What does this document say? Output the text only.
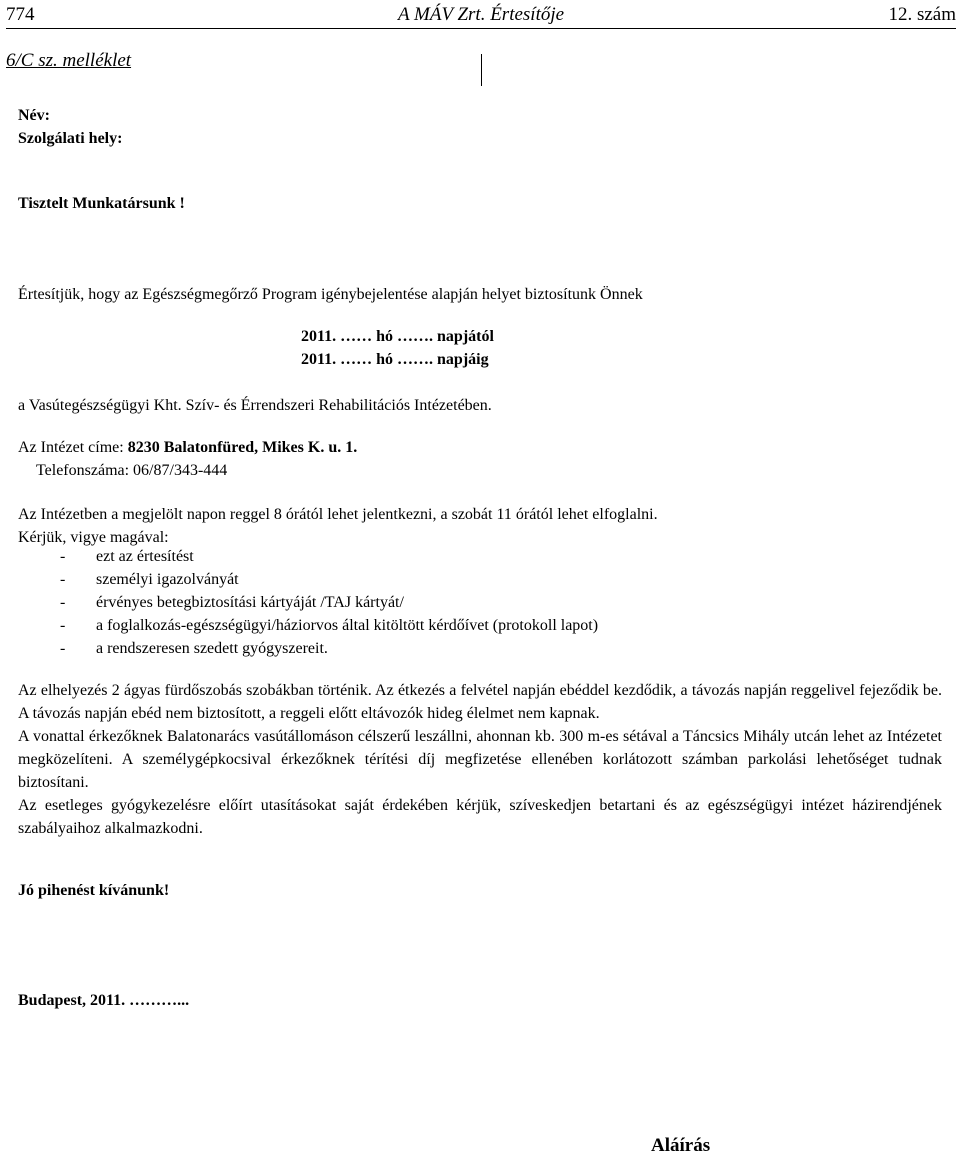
774	A MÁV Zrt. Értesítője	12. szám
6/C sz. melléklet
Név:
Szolgálati hely:
Tisztelt Munkatársunk !
Értesítjük, hogy az Egészségmegőrző Program igénybejelentése alapján helyet biztosítunk Önnek
2011. …… hó ……. napjától
2011. …… hó ……. napjáig
a Vasútegészségügyi Kht. Szív- és Érrendszeri Rehabilitációs Intézetében.
Az Intézet címe: 8230 Balatonfüred, Mikes K. u. 1.
Telefonszáma: 06/87/343-444
Az Intézetben a megjelölt napon reggel 8 órától lehet jelentkezni, a szobát 11 órától lehet elfoglalni.
Kérjük, vigye magával:
- ezt az értesítést
- személyi igazolványát
- érvényes betegbiztosítási kártyáját /TAJ kártyát/
- a foglalkozás-egészségügyi/háziorvos által kitöltött kérdőívet (protokoll lapot)
- a rendszeresen szedett gyógyszereit.

Az elhelyezés 2 ágyas fürdőszobás szobákban történik. Az étkezés a felvétel napján ebéddel kezdődik, a távozás napján reggelivel fejeződik be. A távozás napján ebéd nem biztosított, a reggeli előtt eltávozók hideg élelmet nem kapnak.

A vonattal érkezőknek Balatonarács vasútállomáson célszerű leszállni, ahonnan kb. 300 m-es sétával a Táncsics Mihály utcán lehet az Intézetet megközelíteni. A személygépkocsival érkezőknek térítési díj megfizetése ellenében korlátozott számban parkolási lehetőséget tudnak biztosítani.

Az esetleges gyógykezelésre előírt utasításokat saját érdekében kérjük, szíveskedjen betartani és az egészségügyi intézet házirendjének szabályaihoz alkalmazkodni.

Jó pihenést kívánunk!
Budapest, 2011. ………...
Aláírás
